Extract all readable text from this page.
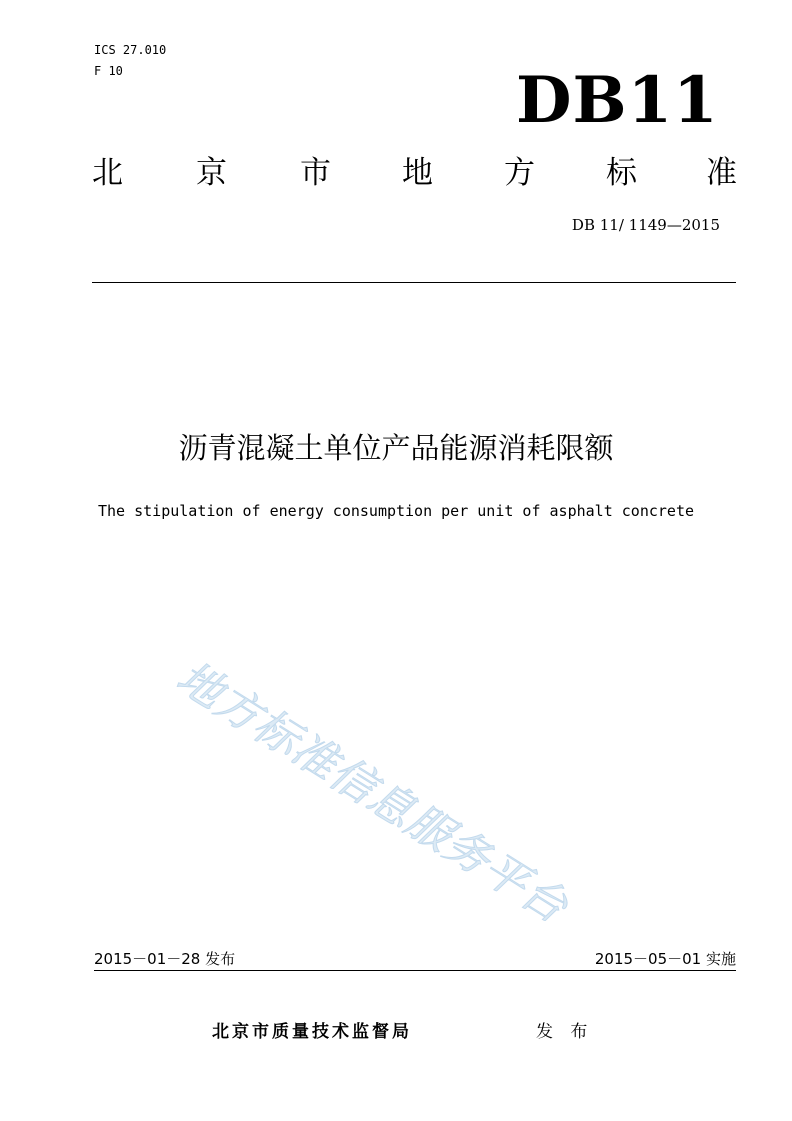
ICS 27.010
F 10	DB11
北 京 市 地 方 标 准
DB 11/ 1149—2015
沥青混凝土单位产品能源消耗限额
The stipulation of energy consumption per unit of asphalt concrete
地方标准信息服务平台
2015－01－28 发布	2015－05－01 实施
北京市质量技术监督局	发 布
